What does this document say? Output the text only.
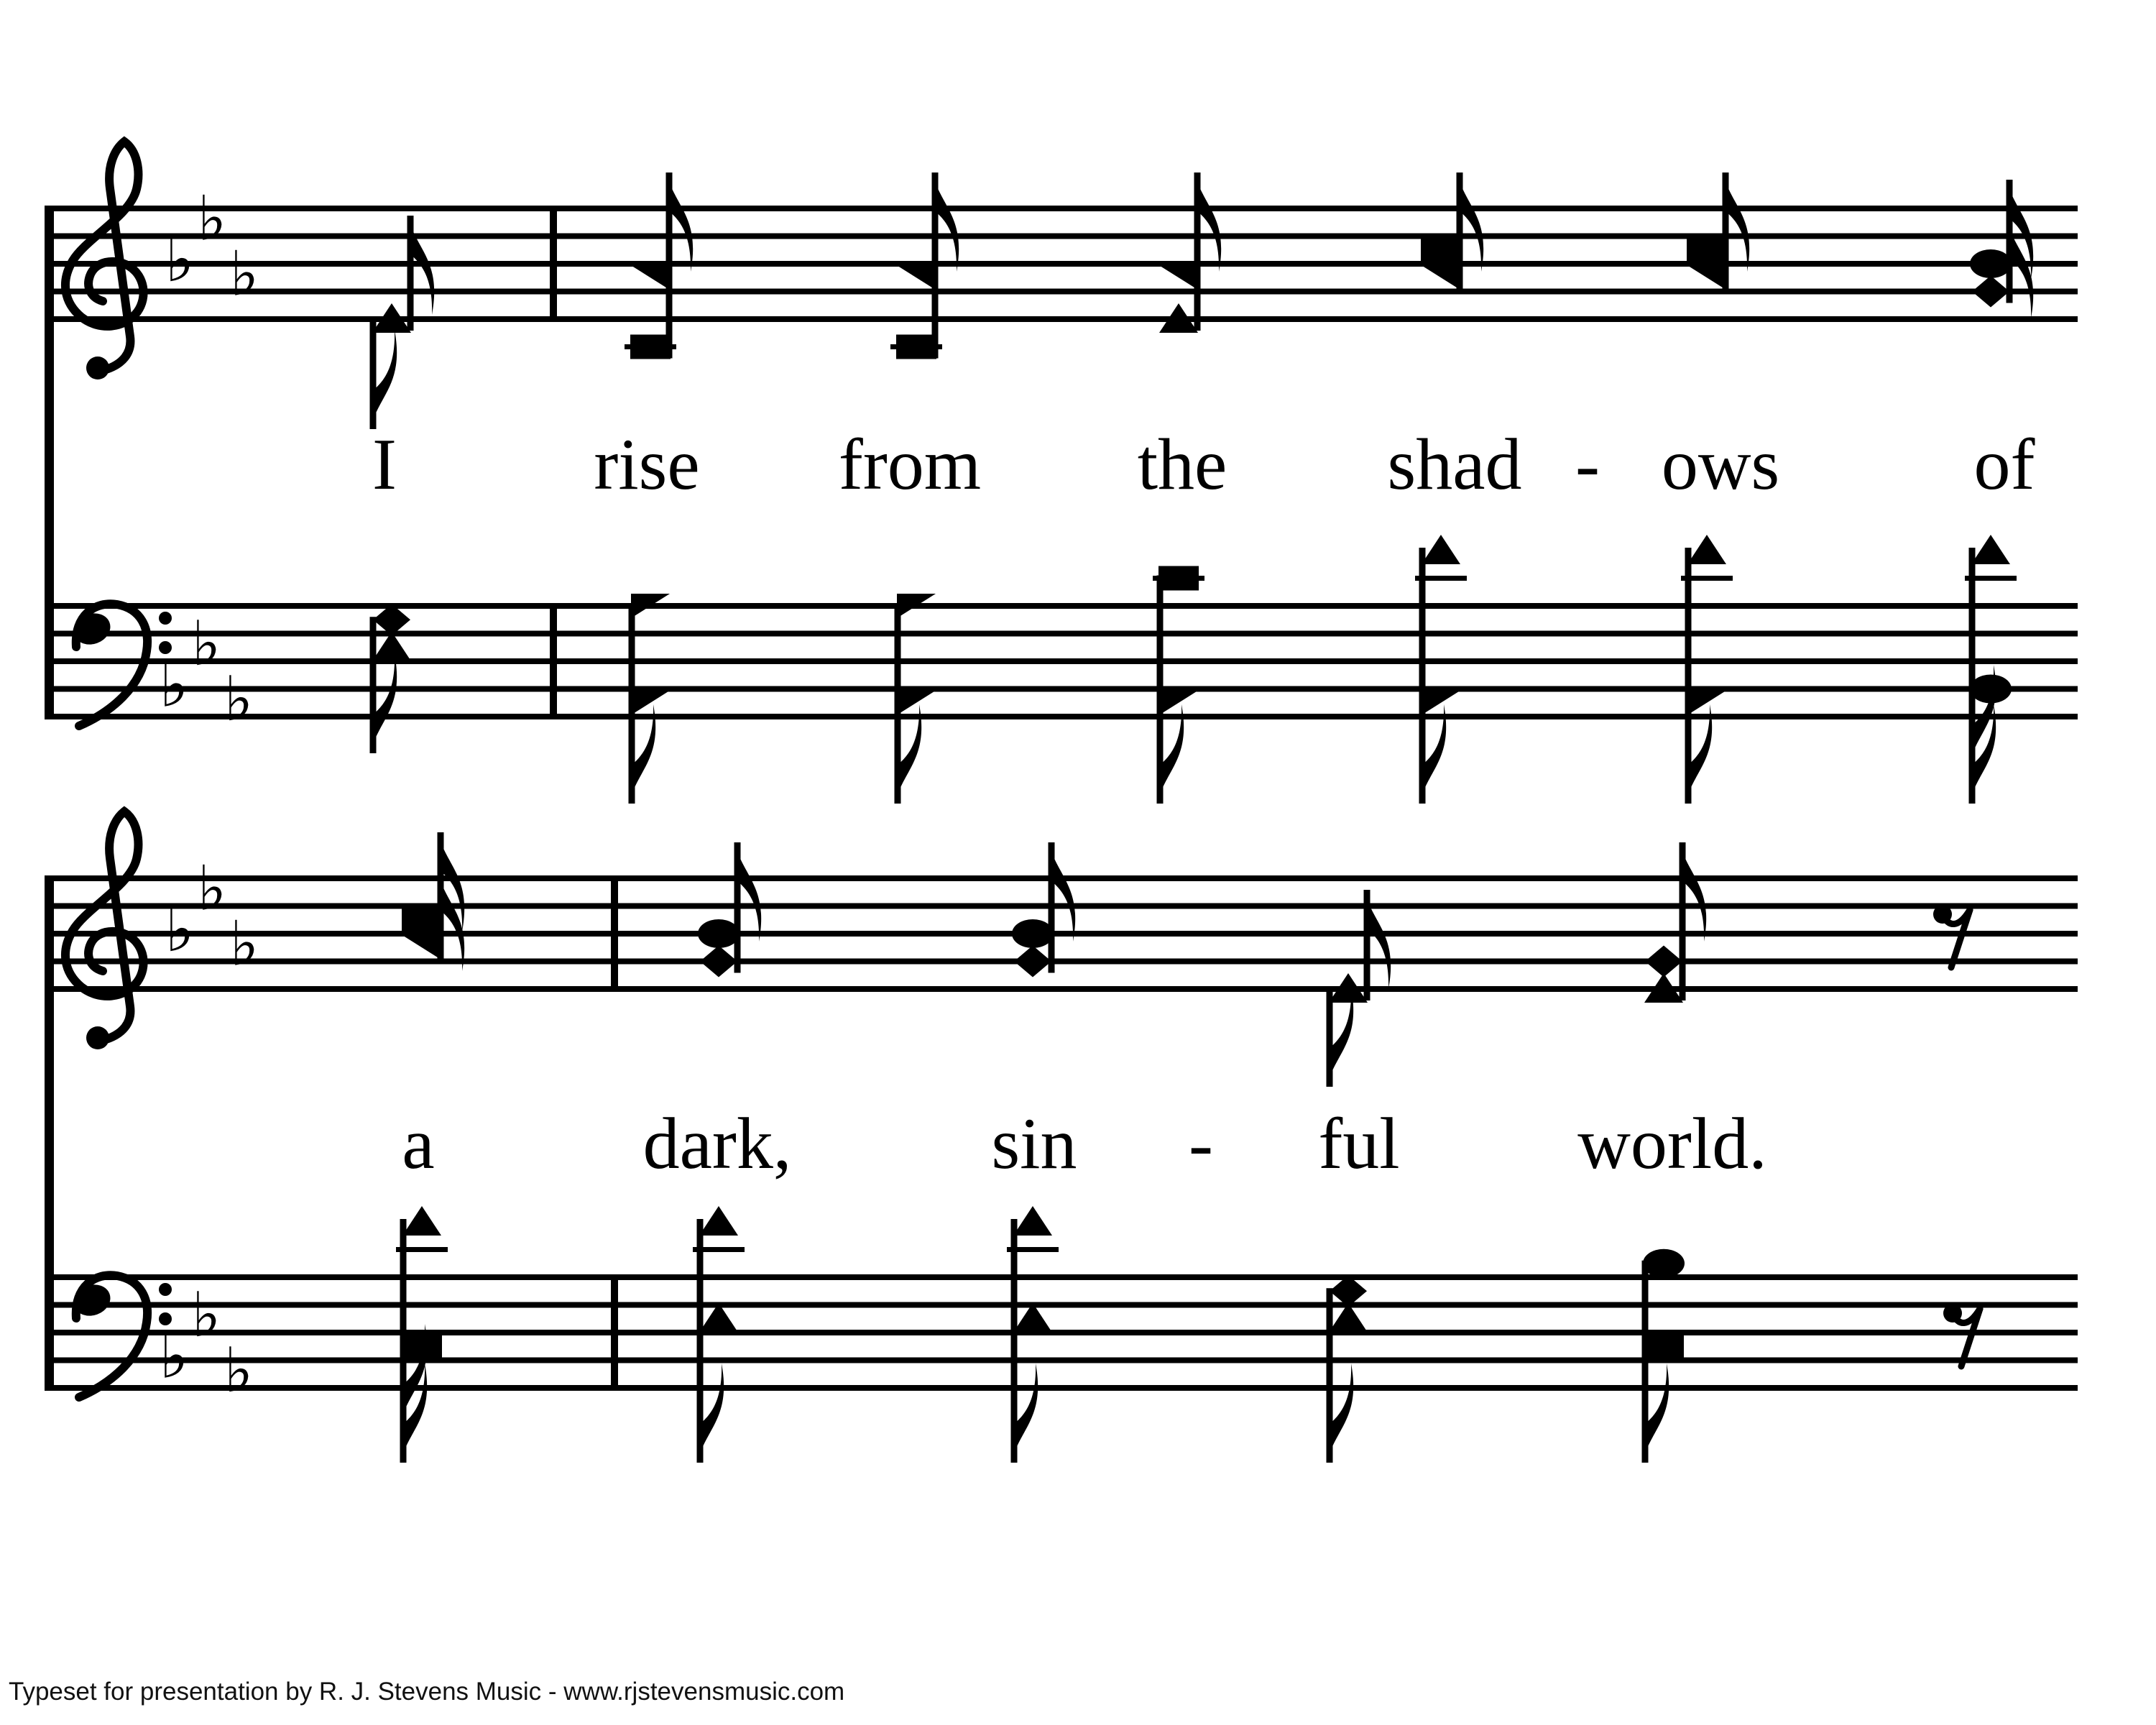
♭
♭
♭
♭
♭
♭
I	rise from the shad - ows	of
♭
♭
♭
♭
♭
♭
a	dark,	sin - ful world.
Typeset for presentation by R. J. Stevens Music - www.rjstevensmusic.com
